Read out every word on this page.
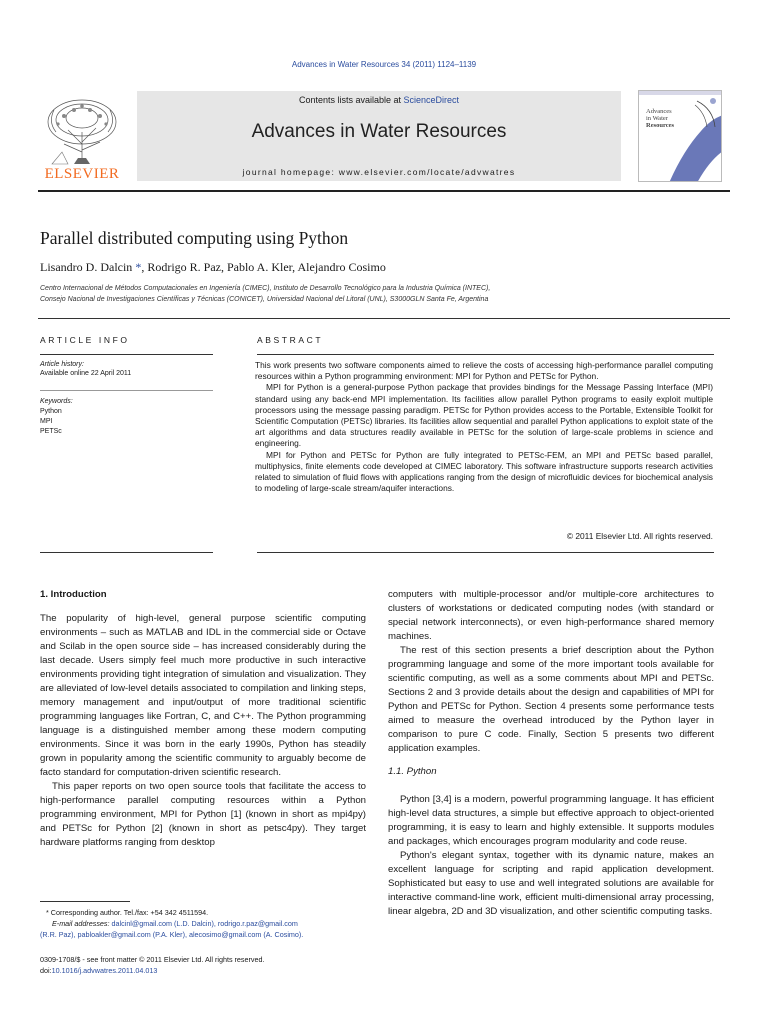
Advances in Water Resources 34 (2011) 1124–1139
Contents lists available at ScienceDirect
Advances in Water Resources
journal homepage: www.elsevier.com/locate/advwatres
ELSEVIER
Advances
in Water
Resources
Parallel distributed computing using Python
Lisandro D. Dalcin *, Rodrigo R. Paz, Pablo A. Kler, Alejandro Cosimo
Centro Internacional de Métodos Computacionales en Ingeniería (CIMEC), Instituto de Desarrollo Tecnológico para la Industria Química (INTEC),
Consejo Nacional de Investigaciones Científicas y Técnicas (CONICET), Universidad Nacional del Litoral (UNL), S3000GLN Santa Fe, Argentina
ARTICLE INFO
Article history:
Available online 22 April 2011
Keywords:
Python
MPI
PETSc
ABSTRACT

This work presents two software components aimed to relieve the costs of accessing high-performance parallel computing resources within a Python programming environment: MPI for Python and PETSc for Python.

MPI for Python is a general-purpose Python package that provides bindings for the Message Passing Interface (MPI) standard using any back-end MPI implementation. Its facilities allow parallel Python programs to easily exploit multiple processors using the message passing paradigm. PETSc for Python provides access to the Portable, Extensible Toolkit for Scientific Computation (PETSc) libraries. Its facilities allow sequential and parallel Python applications to exploit state of the art algorithms and data structures readily available in PETSc for the solution of large-scale problems in science and engineering.

MPI for Python and PETSc for Python are fully integrated to PETSc-FEM, an MPI and PETSc based parallel, multiphysics, finite elements code developed at CIMEC laboratory. This software infrastructure supports research activities related to simulation of fluid flows with applications ranging from the design of microfluidic devices for biochemical analysis to modeling of large-scale stream/aquifer interactions.

© 2011 Elsevier Ltd. All rights reserved.
1. Introduction

The popularity of high-level, general purpose scientific computing environments – such as MATLAB and IDL in the commercial side or Octave and Scilab in the open source side – has increased considerably during the last decade. Users simply feel much more productive in such interactive environments providing tight integration of simulation and visualization. They are alleviated of low-level details associated to compilation and linking steps, memory management and input/output of more traditional scientific programming languages like Fortran, C, and C++. The Python programming language is a distinguished member among these modern computing environments. Since it was born in the early 1990s, Python has steadily grown in popularity among the scientific community to arguably become de facto standard for computation-driven scientific research.

This paper reports on two open source tools that facilitate the access to high-performance parallel computing resources within a Python programming environment, MPI for Python [1] (known in short as mpi4py) and PETSc for Python [2] (known in short as petsc4py). They target hardware platforms ranging from desktop

computers with multiple-processor and/or multiple-core architectures to clusters of workstations or dedicated computing nodes (with standard or special network interconnects), or even high-performance shared memory machines.

The rest of this section presents a brief description about the Python programming language and some of the more important tools available for scientific computing, as well as a some comments about MPI and PETSc. Sections 2 and 3 provide details about the design and capabilities of MPI for Python and PETSc for Python. Section 4 presents some performance tests aimed to measure the overhead introduced by the Python layer in comparison to pure C code. Finally, Section 5 presents two different application examples.

1.1. Python

Python [3,4] is a modern, powerful programming language. It has efficient high-level data structures, a simple but effective approach to object-oriented programming, it is easy to learn and highly extensible. It supports modules and packages, which encourages program modularity and code reuse.

Python's elegant syntax, together with its dynamic nature, makes an excellent language for scripting and rapid application development. Sophisticated but easy to use and well integrated solutions are available for interactive command-line work, efficient multi-dimensional array processing, linear algebra, 2D and 3D visualization, and other scientific computing tasks.

* Corresponding author. Tel./fax: +54 342 4511594.
E-mail addresses: dalcinl@gmail.com (L.D. Dalcin), rodrigo.r.paz@gmail.com
(R.R. Paz), pabloakler@gmail.com (P.A. Kler), alecosimo@gmail.com (A. Cosimo).
0309-1708/$ - see front matter © 2011 Elsevier Ltd. All rights reserved.
doi:10.1016/j.advwatres.2011.04.013
